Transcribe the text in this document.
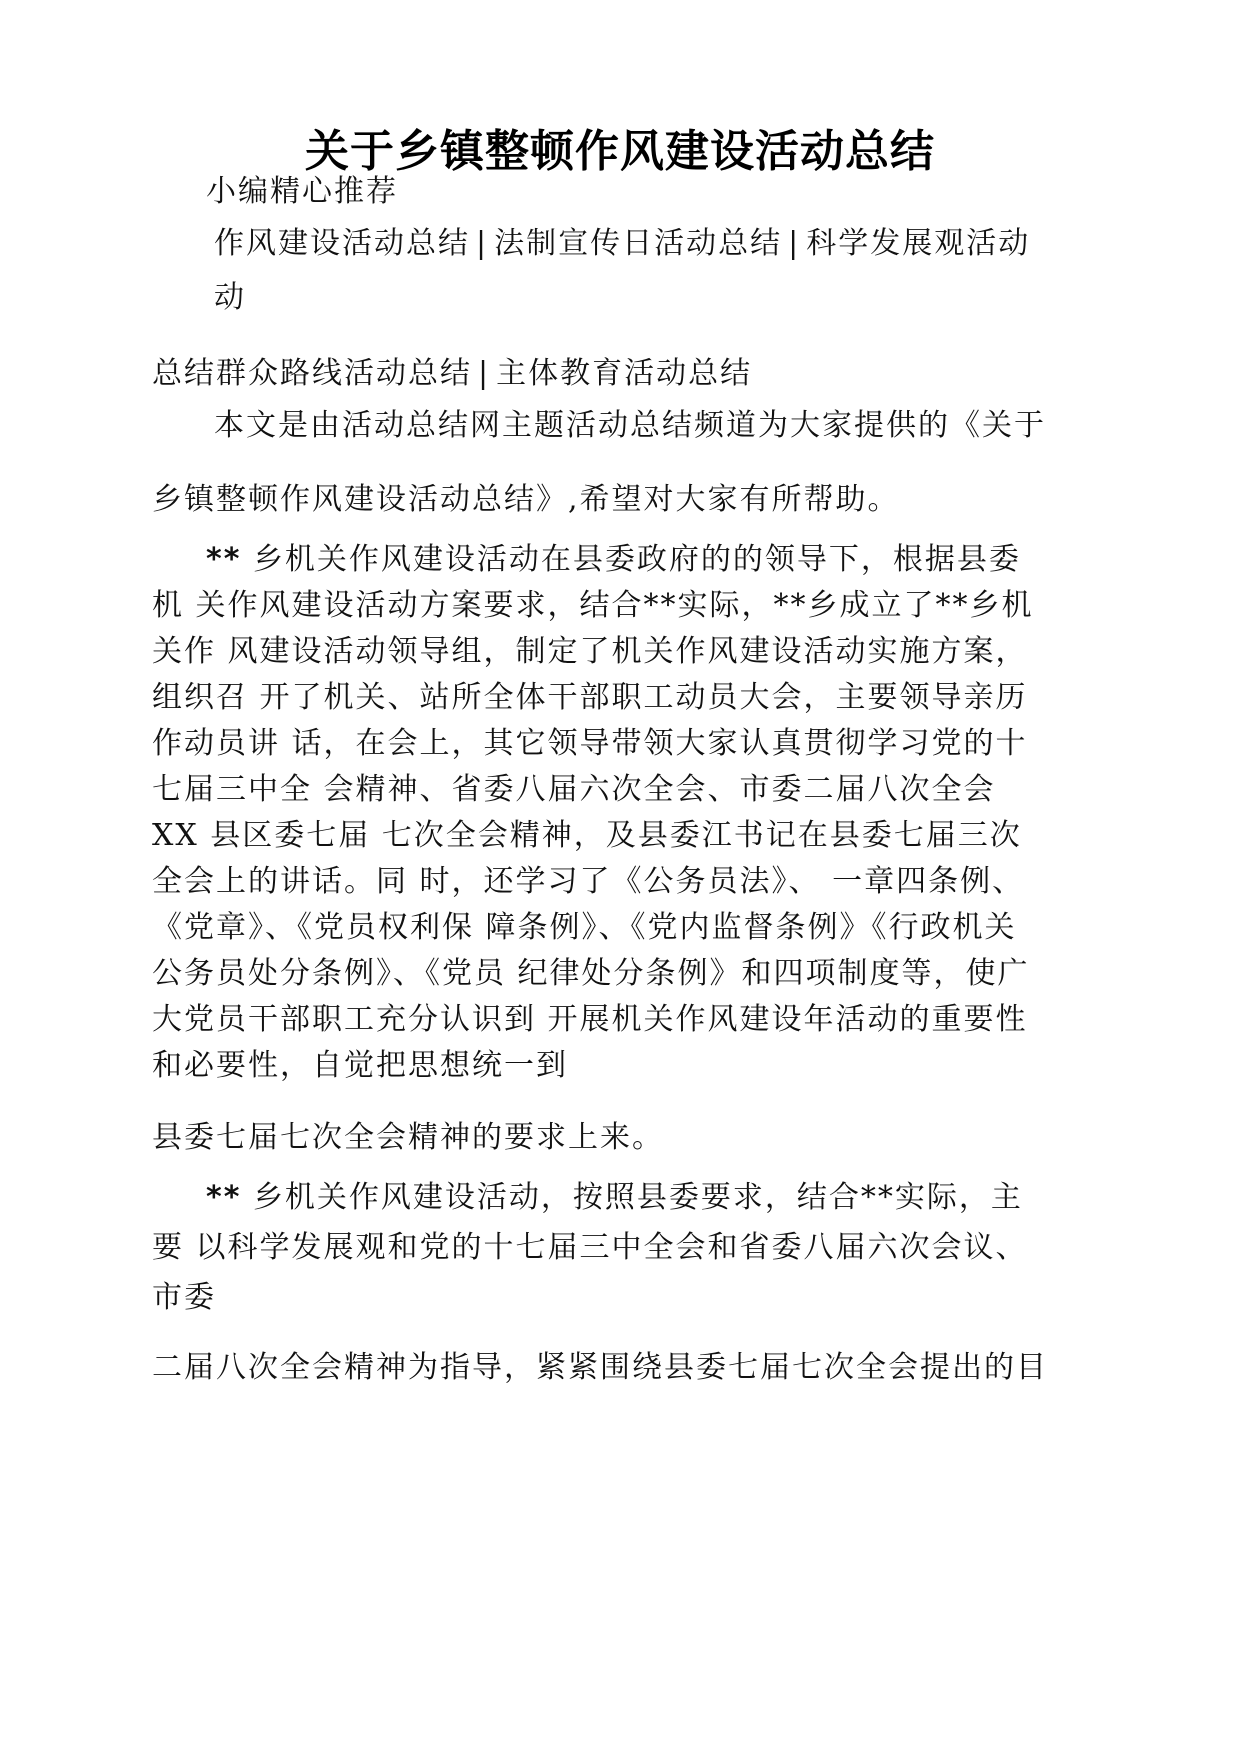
关于乡镇整顿作风建设活动总结
小编精心推荐
作风建设活动总结 | 法制宣传日活动总结 | 科学发展观活动
动
总结群众路线活动总结 | 主体教育活动总结
本文是由活动总结网主题活动总结频道为大家提供的《关于
乡镇整顿作风建设活动总结》,希望对大家有所帮助。
** 乡机关作风建设活动在县委政府的的领导下，根据县委
机 关作风建设活动方案要求，结合**实际，**乡成立了**乡机
关作 风建设活动领导组，制定了机关作风建设活动实施方案，
组织召 开了机关、站所全体干部职工动员大会，主要领导亲历
作动员讲 话，在会上，其它领导带领大家认真贯彻学习党的十
七届三中全 会精神、省委八届六次全会、市委二届八次全会
XX 县区委七届 七次全会精神，及县委江书记在县委七届三次
全会上的讲话。同 时，还学习了《公务员法》、 一章四条例、
《党章》、《党员权利保 障条例》、《党内监督条例》《行政机关
公务员处分条例》、《党员 纪律处分条例》和四项制度等，使广
大党员干部职工充分认识到 开展机关作风建设年活动的重要性
和必要性，自觉把思想统一到
县委七届七次全会精神的要求上来。
** 乡机关作风建设活动，按照县委要求，结合**实际，主
要 以科学发展观和党的十七届三中全会和省委八届六次会议、
市委
二届八次全会精神为指导，紧紧围绕县委七届七次全会提出的目
